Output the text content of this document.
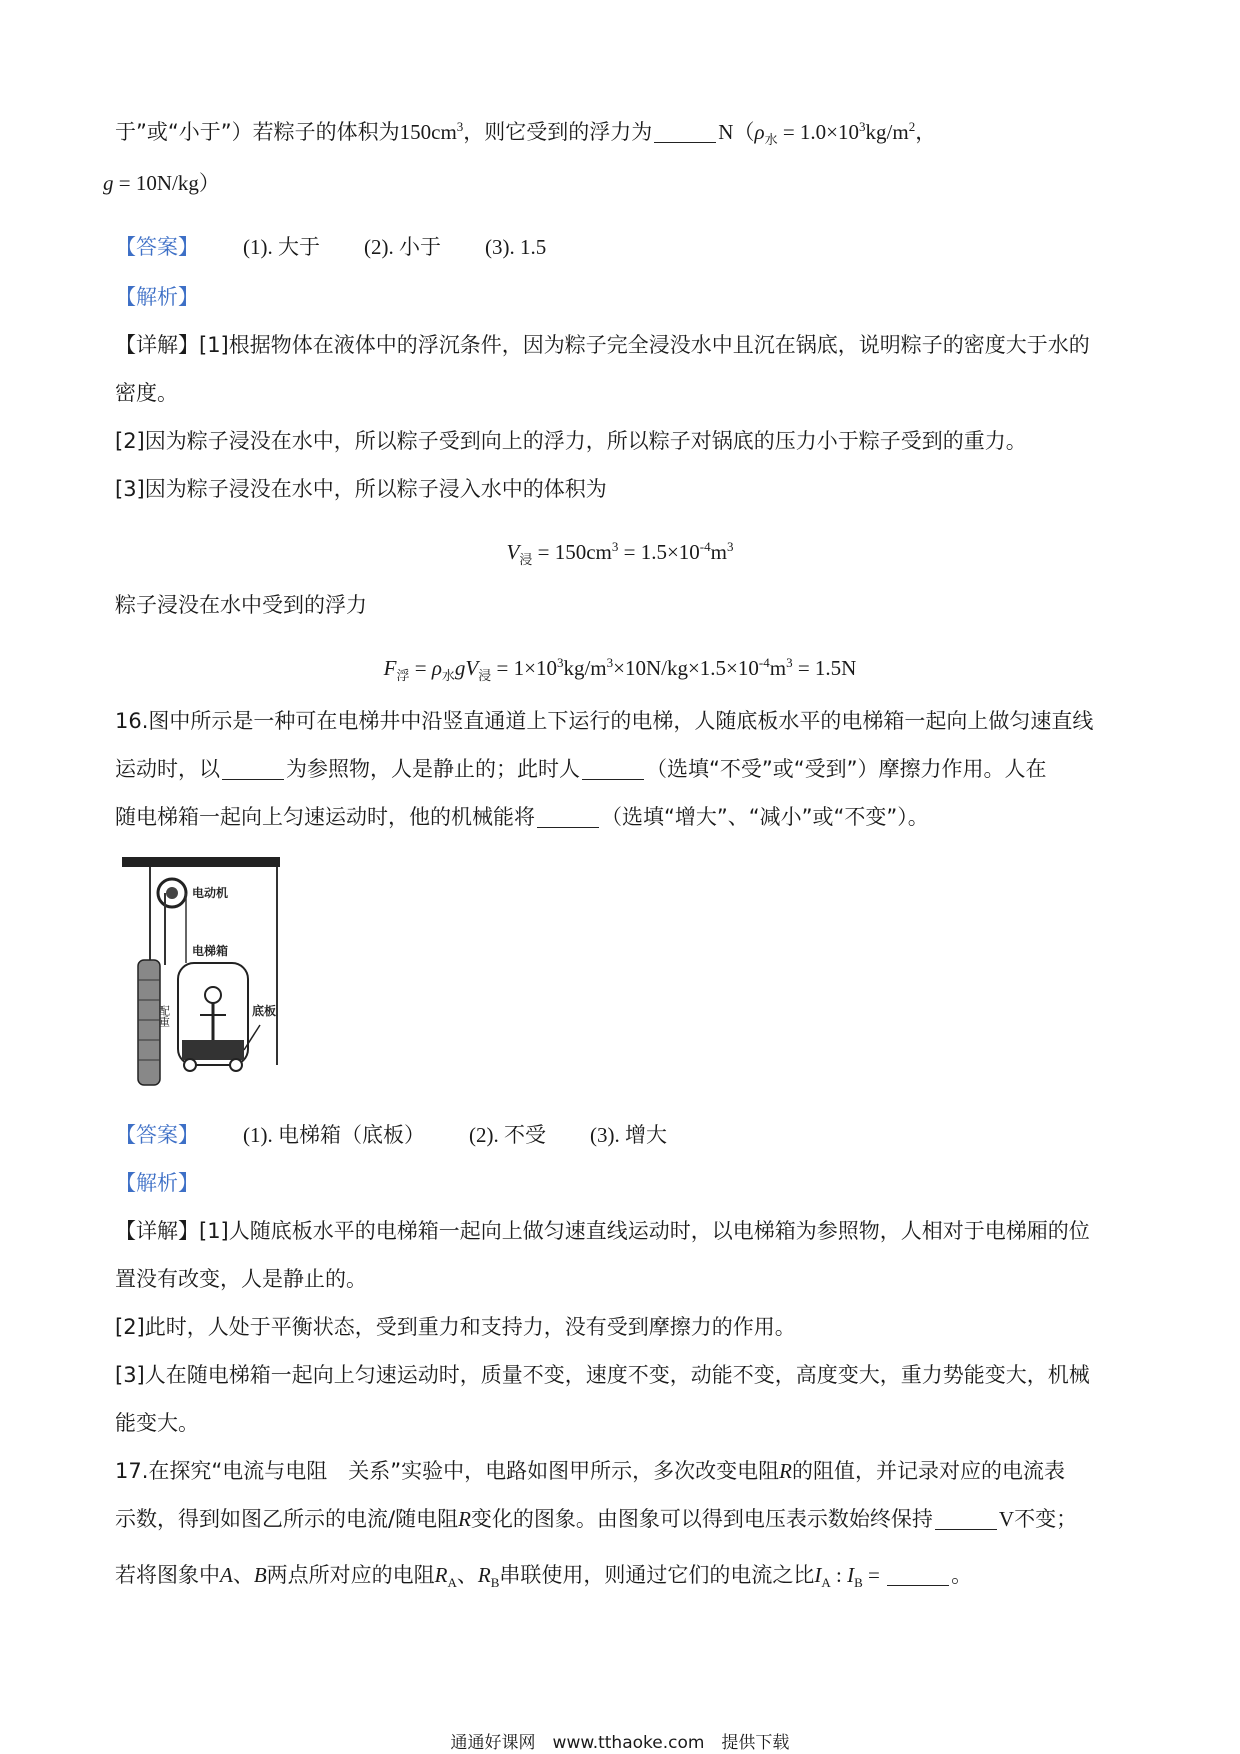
于”或“小于”）若粽子的体积为$150cm^3$，则它受到的浮力为	$N(\rho_水 = 1.0\times 10^3kg/m^2$，
g = 10N/kg）
【答案】 (1). 大于 (2). 小于 (3). 1.5
【解析】
【详解】[1]根据物体在液体中的浮沉条件，因为粽子完全浸没水中且沉在锅底，说明粽子的密度大于水的
密度。
[2]因为粽子浸没在水中，所以粽子受到向上的浮力，所以粽子对锅底的压力小于粽子受到的重力。
[3]因为粽子浸没在水中，所以粽子浸入水中的体积为
$V_浸 = 150cm^3 = 1.5\times 10^{-4}m^3$
粽子浸没在水中受到的浮力
$F_浮 = \rho_水gV_浸 = 1\times 10^3kg/m^3\times 10N/kg\times 1.5\times 10^{-4}m^3 = 1.5N$
16.图中所示是一种可在电梯井中沿竖直通道上下运行的电梯，人随底板水平的电梯箱一起向上做匀速直线
运动时，以	为参照物，人是静止的；此时人	（选填“不受”或“受到”）摩擦力作用。人在
随电梯箱一起向上匀速运动时，他的机械能将	（选填“增大”、“减小”或“不变”）。
电动机
配重
电梯箱
底板
【答案】 (1). 电梯箱（底板） (2). 不受 (3). 增大
【解析】
【详解】[1]人随底板水平的电梯箱一起向上做匀速直线运动时，以电梯箱为参照物，人相对于电梯厢的位
置没有改变，人是静止的。
[2]此时，人处于平衡状态，受到重力和支持力，没有受到摩擦力的作用。
[3]人在随电梯箱一起向上匀速运动时，质量不变，速度不变，动能不变，高度变大，重力势能变大，机械
能变大。
17.在探究“电流与电阻　关系”实验中，电路如图甲所示，多次改变电阻R的阻值，并记录对应的电流表
示数，得到如图乙所示的电流/随电阻R变化的图象。由图象可以得到电压表示数始终保持	V不变；
若将图象中A、B两点所对应的电阻$R_A$、$R_B$串联使用，则通过它们的电流之比$I_A$ : $I_B$ =	。
通通好课网　www.tthaoke.com　提供下载
